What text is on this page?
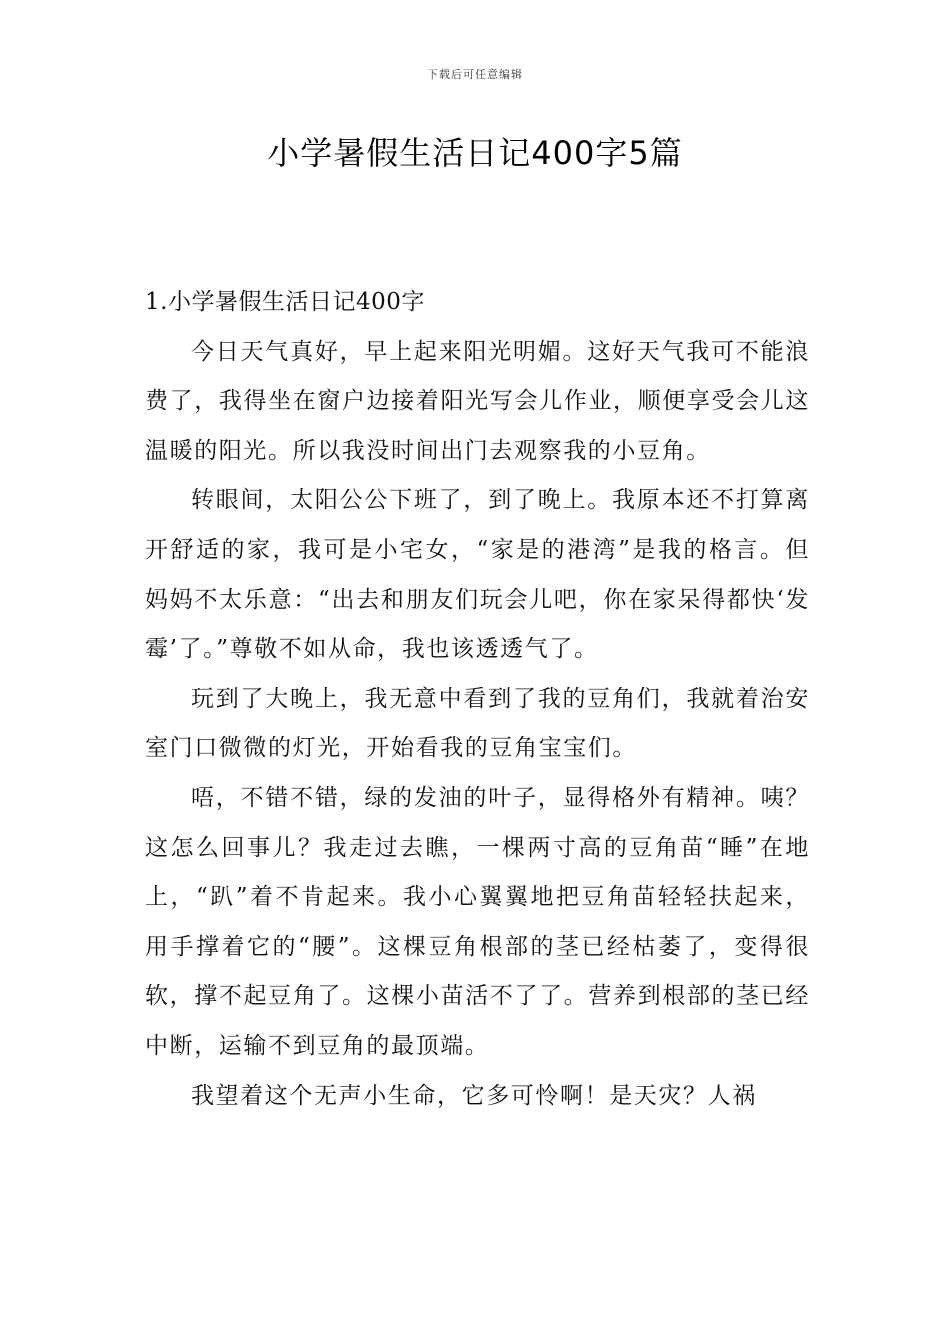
下载后可任意编辑
小学暑假生活日记400字5篇

1.小学暑假生活日记400字

今日天气真好，早上起来阳光明媚。这好天气我可不能浪费了，我得坐在窗户边接着阳光写会儿作业，顺便享受会儿这温暖的阳光。所以我没时间出门去观察我的小豆角。

转眼间，太阳公公下班了，到了晚上。我原本还不打算离开舒适的家，我可是小宅女，“家是的港湾”是我的格言。但妈妈不太乐意：“出去和朋友们玩会儿吧，你在家呆得都快‘发霉’了。”尊敬不如从命，我也该透透气了。

玩到了大晚上，我无意中看到了我的豆角们，我就着治安室门口微微的灯光，开始看我的豆角宝宝们。

唔，不错不错，绿的发油的叶子，显得格外有精神。咦？这怎么回事儿？我走过去瞧，一棵两寸高的豆角苗“睡”在地上，“趴”着不肯起来。我小心翼翼地把豆角苗轻轻扶起来，用手撑着它的“腰”。这棵豆角根部的茎已经枯萎了，变得很软，撑不起豆角了。这棵小苗活不了了。营养到根部的茎已经中断，运输不到豆角的最顶端。

我望着这个无声小生命，它多可怜啊！是天灾？人祸
